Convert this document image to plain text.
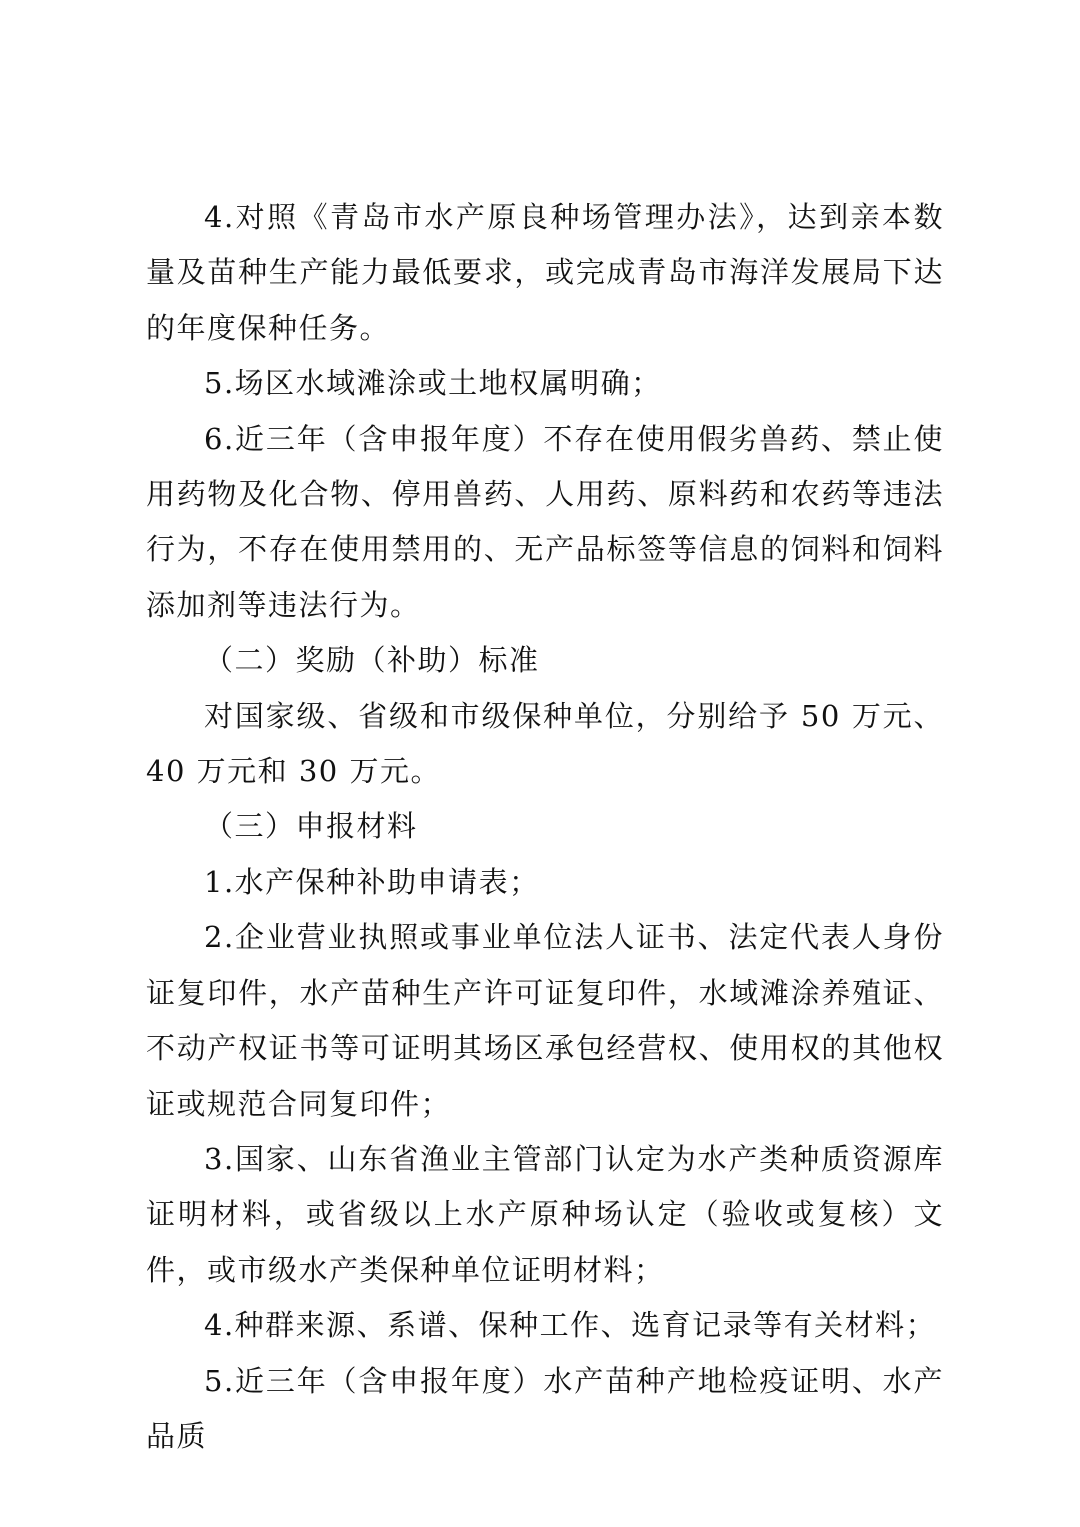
4.对照《青岛市水产原良种场管理办法》，达到亲本数量及苗种生产能力最低要求，或完成青岛市海洋发展局下达的年度保种任务。

5.场区水域滩涂或土地权属明确；

6.近三年（含申报年度）不存在使用假劣兽药、禁止使用药物及化合物、停用兽药、人用药、原料药和农药等违法行为，不存在使用禁用的、无产品标签等信息的饲料和饲料添加剂等违法行为。

（二）奖励（补助）标准

对国家级、省级和市级保种单位，分别给予 50 万元、40 万元和 30 万元。

（三）申报材料

1.水产保种补助申请表；

2.企业营业执照或事业单位法人证书、法定代表人身份证复印件，水产苗种生产许可证复印件，水域滩涂养殖证、不动产权证书等可证明其场区承包经营权、使用权的其他权证或规范合同复印件；

3.国家、山东省渔业主管部门认定为水产类种质资源库证明材料，或省级以上水产原种场认定（验收或复核）文件，或市级水产类保种单位证明材料；

4.种群来源、系谱、保种工作、选育记录等有关材料；

5.近三年（含申报年度）水产苗种产地检疫证明、水产品质
